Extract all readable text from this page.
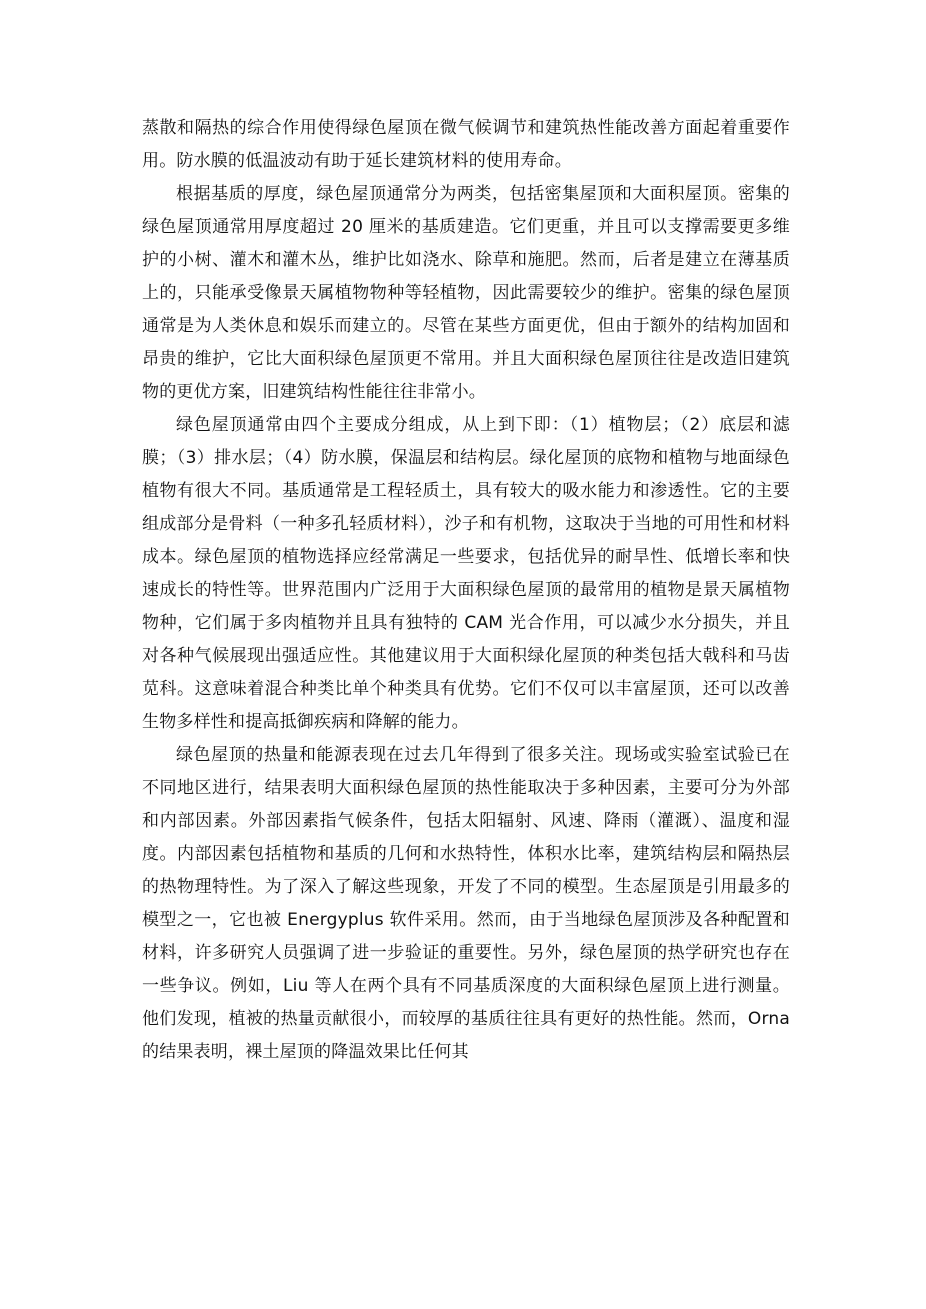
蒸散和隔热的综合作用使得绿色屋顶在微气候调节和建筑热性能改善方面起着重要作用。防水膜的低温波动有助于延长建筑材料的使用寿命。

根据基质的厚度，绿色屋顶通常分为两类，包括密集屋顶和大面积屋顶。密集的绿色屋顶通常用厚度超过 20 厘米的基质建造。它们更重，并且可以支撑需要更多维护的小树、灌木和灌木丛，维护比如浇水、除草和施肥。然而，后者是建立在薄基质上的，只能承受像景天属植物物种等轻植物，因此需要较少的维护。密集的绿色屋顶通常是为人类休息和娱乐而建立的。尽管在某些方面更优，但由于额外的结构加固和昂贵的维护，它比大面积绿色屋顶更不常用。并且大面积绿色屋顶往往是改造旧建筑物的更优方案，旧建筑结构性能往往非常小。

绿色屋顶通常由四个主要成分组成，从上到下即：（1）植物层；（2）底层和滤膜；（3）排水层；（4）防水膜，保温层和结构层。绿化屋顶的底物和植物与地面绿色植物有很大不同。基质通常是工程轻质土，具有较大的吸水能力和渗透性。它的主要组成部分是骨料（一种多孔轻质材料），沙子和有机物，这取决于当地的可用性和材料成本。绿色屋顶的植物选择应经常满足一些要求，包括优异的耐旱性、低增长率和快速成长的特性等。世界范围内广泛用于大面积绿色屋顶的最常用的植物是景天属植物物种，它们属于多肉植物并且具有独特的 CAM 光合作用，可以减少水分损失，并且对各种气候展现出强适应性。其他建议用于大面积绿化屋顶的种类包括大戟科和马齿苋科。这意味着混合种类比单个种类具有优势。它们不仅可以丰富屋顶，还可以改善生物多样性和提高抵御疾病和降解的能力。

绿色屋顶的热量和能源表现在过去几年得到了很多关注。现场或实验室试验已在不同地区进行，结果表明大面积绿色屋顶的热性能取决于多种因素，主要可分为外部和内部因素。外部因素指气候条件，包括太阳辐射、风速、降雨（灌溉）、温度和湿度。内部因素包括植物和基质的几何和水热特性，体积水比率，建筑结构层和隔热层的热物理特性。为了深入了解这些现象，开发了不同的模型。生态屋顶是引用最多的模型之一，它也被 Energyplus 软件采用。然而，由于当地绿色屋顶涉及各种配置和材料，许多研究人员强调了进一步验证的重要性。另外，绿色屋顶的热学研究也存在一些争议。例如，Liu 等人在两个具有不同基质深度的大面积绿色屋顶上进行测量。他们发现，植被的热量贡献很小，而较厚的基质往往具有更好的热性能。然而，Orna 的结果表明，裸土屋顶的降温效果比任何其
